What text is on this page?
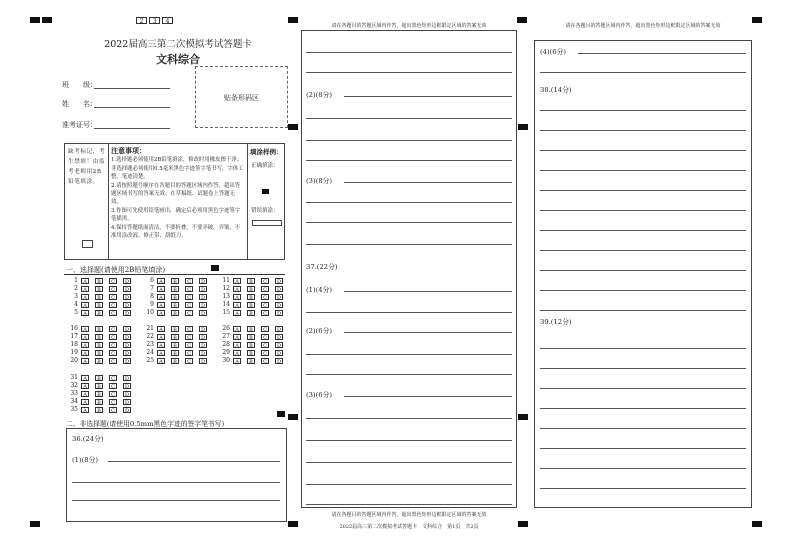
2	3	4
2022届高三第二次模拟考试答题卡
文科综合
班　　级：
姓　　名：
准考证号：
贴条形码区
缺考标记，考生禁填！由监考老师用2B铅笔填涂。

注意事项：

1.选择题必须使用2B铅笔填涂，修改时用橡皮擦干净；非选择题必须使用0.5毫米黑色字迹签字笔书写，字体工整，笔迹清楚。

2.请按照题号顺序在各题目的答题区域内作答，超出答题区域书写的答案无效；在草稿纸、试题卷上答题无效。

3.作图可先使用铅笔画出，确定后必须用黑色字迹签字笔描黑。

4.保持答题纸面清洁，不要折叠，不要弄破，弄皱，不准用涂改液、修正带、刮纸刀。

填涂样例：
正确填涂：
错误填涂：
一、选择题(请使用2B铅笔填涂)
1 A B C D
2 A B C D
3 A B C D
4 A B C D
5 A B C D
6 A B C D
7 A B C D
8 A B C D
9 A B C D
10 A B C D
11 A B C D
12 A B C D
13 A B C D
14 A B C D
15 A B C D
16 A B C D
17 A B C D
18 A B C D
19 A B C D
20 A B C D
21 A B C D
22 A B C D
23 A B C D
24 A B C D
25 A B C D
26 A B C D
27 A B C D
28 A B C D
29 A B C D
30 A B C D
31 A B C D
32 A B C D
33 A B C D
34 A B C D
35 A B C D
二、非选择题(请使用0.5mm黑色字迹的签字笔书写)
36.(24分)
(1)(8分)
请在各题目的答题区域内作答，超出黑色矩形边框限定区域的答案无效
请在各题目的答题区域内作答，超出黑色矩形边框限定区域的答案无效
2022届高三第二次模拟考试答题卡　文科综合　第1页　共2页
(2)(8分)
(3)(8分)
37.(22分)
(1)(4分)
(2)(6分)
(3)(6分)
请在各题目的答题区域内作答，超出黑色矩形边框限定区域的答案无效
(4)(6分)
38.(14分)
39.(12分)
